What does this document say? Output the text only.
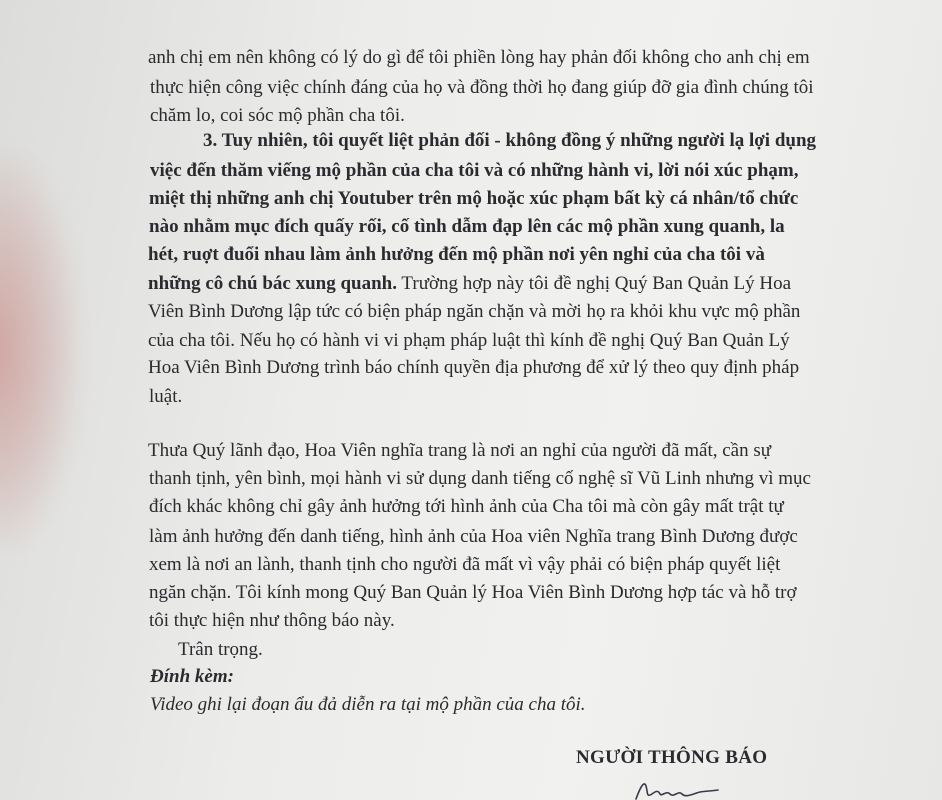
anh chị em nên không có lý do gì để tôi phiền lòng hay phản đối không cho anh chị em
thực hiện công việc chính đáng của họ và đồng thời họ đang giúp đỡ gia đình chúng tôi
chăm lo, coi sóc mộ phần cha tôi.
3. Tuy nhiên, tôi quyết liệt phản đối - không đồng ý những người lạ lợi dụng
việc đến thăm viếng mộ phần của cha tôi và có những hành vi, lời nói xúc phạm,
miệt thị những anh chị Youtuber trên mộ hoặc xúc phạm bất kỳ cá nhân/tổ chức
nào nhằm mục đích quấy rối, cố tình dẫm đạp lên các mộ phần xung quanh, la
hét, ruợt đuổi nhau làm ảnh hưởng đến mộ phần nơi yên nghỉ của cha tôi và
những cô chú bác xung quanh. Trường hợp này tôi đề nghị Quý Ban Quản Lý Hoa
Viên Bình Dương lập tức có biện pháp ngăn chặn và mời họ ra khỏi khu vực mộ phần
của cha tôi. Nếu họ có hành vi vi phạm pháp luật thì kính đề nghị Quý Ban Quản Lý
Hoa Viên Bình Dương trình báo chính quyền địa phương để xử lý theo quy định pháp
luật.
Thưa Quý lãnh đạo, Hoa Viên nghĩa trang là nơi an nghỉ của người đã mất, cần sự
thanh tịnh, yên bình, mọi hành vi sử dụng danh tiếng cố nghệ sĩ Vũ Linh nhưng vì mục
đích khác không chỉ gây ảnh hưởng tới hình ảnh của Cha tôi mà còn gây mất trật tự
làm ảnh hưởng đến danh tiếng, hình ảnh của Hoa viên Nghĩa trang Bình Dương được
xem là nơi an lành, thanh tịnh cho người đã mất vì vậy phải có biện pháp quyết liệt
ngăn chặn. Tôi kính mong Quý Ban Quản lý Hoa Viên Bình Dương hợp tác và hỗ trợ
tôi thực hiện như thông báo này.
Trân trọng.
Đính kèm:
Video ghi lại đoạn ẩu đả diễn ra tại mộ phần của cha tôi.
NGƯỜI THÔNG BÁO
